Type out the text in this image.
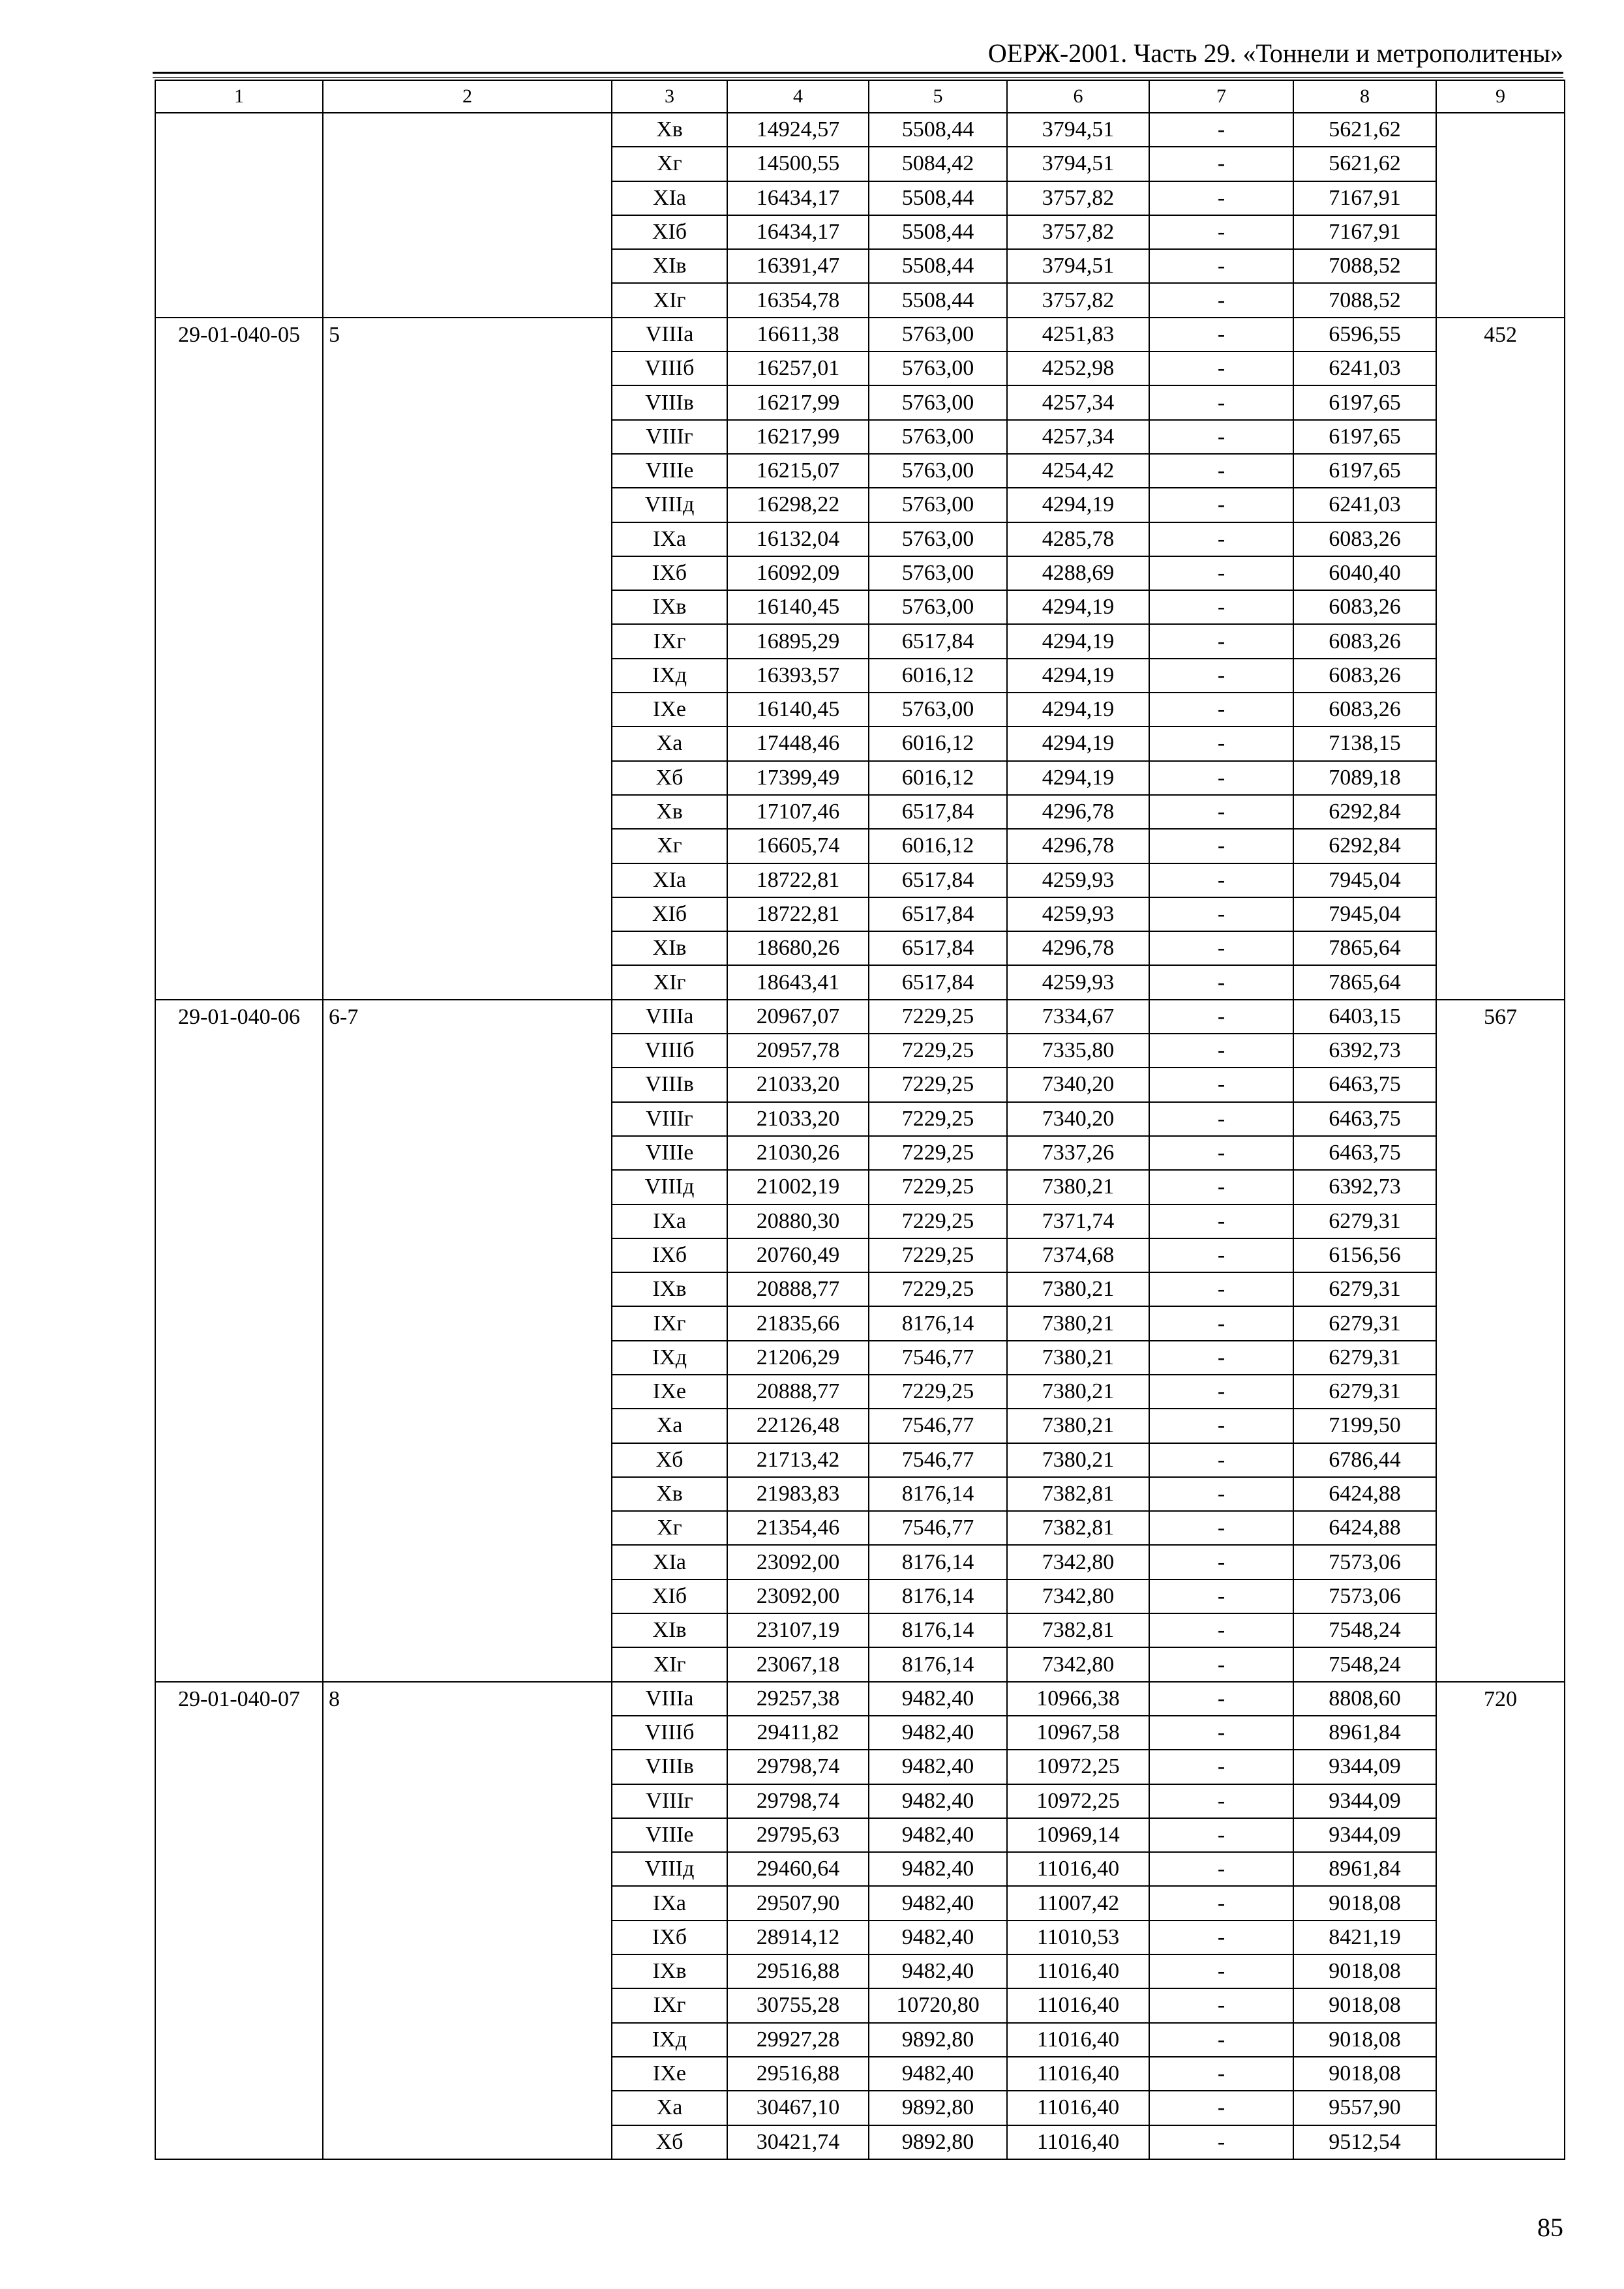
ОЕРЖ-2001. Часть 29. «Тоннели и метрополитены»
1	2	3	4	5	6	7	8	9
		Хв	14924,57	5508,44	3794,51	-	5621,62	
		Хг	14500,55	5084,42	3794,51	-	5621,62	
		ХIа	16434,17	5508,44	3757,82	-	7167,91	
		ХIб	16434,17	5508,44	3757,82	-	7167,91	
		ХIв	16391,47	5508,44	3794,51	-	7088,52	
		ХIг	16354,78	5508,44	3757,82	-	7088,52	
29-01-040-05	5	VIIIа	16611,38	5763,00	4251,83	-	6596,55	452
		VIIIб	16257,01	5763,00	4252,98	-	6241,03	
		VIIIв	16217,99	5763,00	4257,34	-	6197,65	
		VIIIг	16217,99	5763,00	4257,34	-	6197,65	
		VIIIе	16215,07	5763,00	4254,42	-	6197,65	
		VIIIд	16298,22	5763,00	4294,19	-	6241,03	
		IХа	16132,04	5763,00	4285,78	-	6083,26	
		IХб	16092,09	5763,00	4288,69	-	6040,40	
		IХв	16140,45	5763,00	4294,19	-	6083,26	
		IХг	16895,29	6517,84	4294,19	-	6083,26	
		IХд	16393,57	6016,12	4294,19	-	6083,26	
		IХе	16140,45	5763,00	4294,19	-	6083,26	
		Ха	17448,46	6016,12	4294,19	-	7138,15	
		Хб	17399,49	6016,12	4294,19	-	7089,18	
		Хв	17107,46	6517,84	4296,78	-	6292,84	
		Хг	16605,74	6016,12	4296,78	-	6292,84	
		ХIа	18722,81	6517,84	4259,93	-	7945,04	
		ХIб	18722,81	6517,84	4259,93	-	7945,04	
		ХIв	18680,26	6517,84	4296,78	-	7865,64	
		ХIг	18643,41	6517,84	4259,93	-	7865,64	
29-01-040-06	6-7	VIIIа	20967,07	7229,25	7334,67	-	6403,15	567
		VIIIб	20957,78	7229,25	7335,80	-	6392,73	
		VIIIв	21033,20	7229,25	7340,20	-	6463,75	
		VIIIг	21033,20	7229,25	7340,20	-	6463,75	
		VIIIе	21030,26	7229,25	7337,26	-	6463,75	
		VIIIд	21002,19	7229,25	7380,21	-	6392,73	
		IХа	20880,30	7229,25	7371,74	-	6279,31	
		IХб	20760,49	7229,25	7374,68	-	6156,56	
		IХв	20888,77	7229,25	7380,21	-	6279,31	
		IХг	21835,66	8176,14	7380,21	-	6279,31	
		IХд	21206,29	7546,77	7380,21	-	6279,31	
		IХе	20888,77	7229,25	7380,21	-	6279,31	
		Ха	22126,48	7546,77	7380,21	-	7199,50	
		Хб	21713,42	7546,77	7380,21	-	6786,44	
		Хв	21983,83	8176,14	7382,81	-	6424,88	
		Хг	21354,46	7546,77	7382,81	-	6424,88	
		ХIа	23092,00	8176,14	7342,80	-	7573,06	
		ХIб	23092,00	8176,14	7342,80	-	7573,06	
		ХIв	23107,19	8176,14	7382,81	-	7548,24	
		ХIг	23067,18	8176,14	7342,80	-	7548,24	
29-01-040-07	8	VIIIа	29257,38	9482,40	10966,38	-	8808,60	720
		VIIIб	29411,82	9482,40	10967,58	-	8961,84	
		VIIIв	29798,74	9482,40	10972,25	-	9344,09	
		VIIIг	29798,74	9482,40	10972,25	-	9344,09	
		VIIIе	29795,63	9482,40	10969,14	-	9344,09	
		VIIIд	29460,64	9482,40	11016,40	-	8961,84	
		IХа	29507,90	9482,40	11007,42	-	9018,08	
		IХб	28914,12	9482,40	11010,53	-	8421,19	
		IХв	29516,88	9482,40	11016,40	-	9018,08	
		IХг	30755,28	10720,80	11016,40	-	9018,08	
		IХд	29927,28	9892,80	11016,40	-	9018,08	
		IХе	29516,88	9482,40	11016,40	-	9018,08	
		Ха	30467,10	9892,80	11016,40	-	9557,90	
		Хб	30421,74	9892,80	11016,40	-	9512,54	
85
